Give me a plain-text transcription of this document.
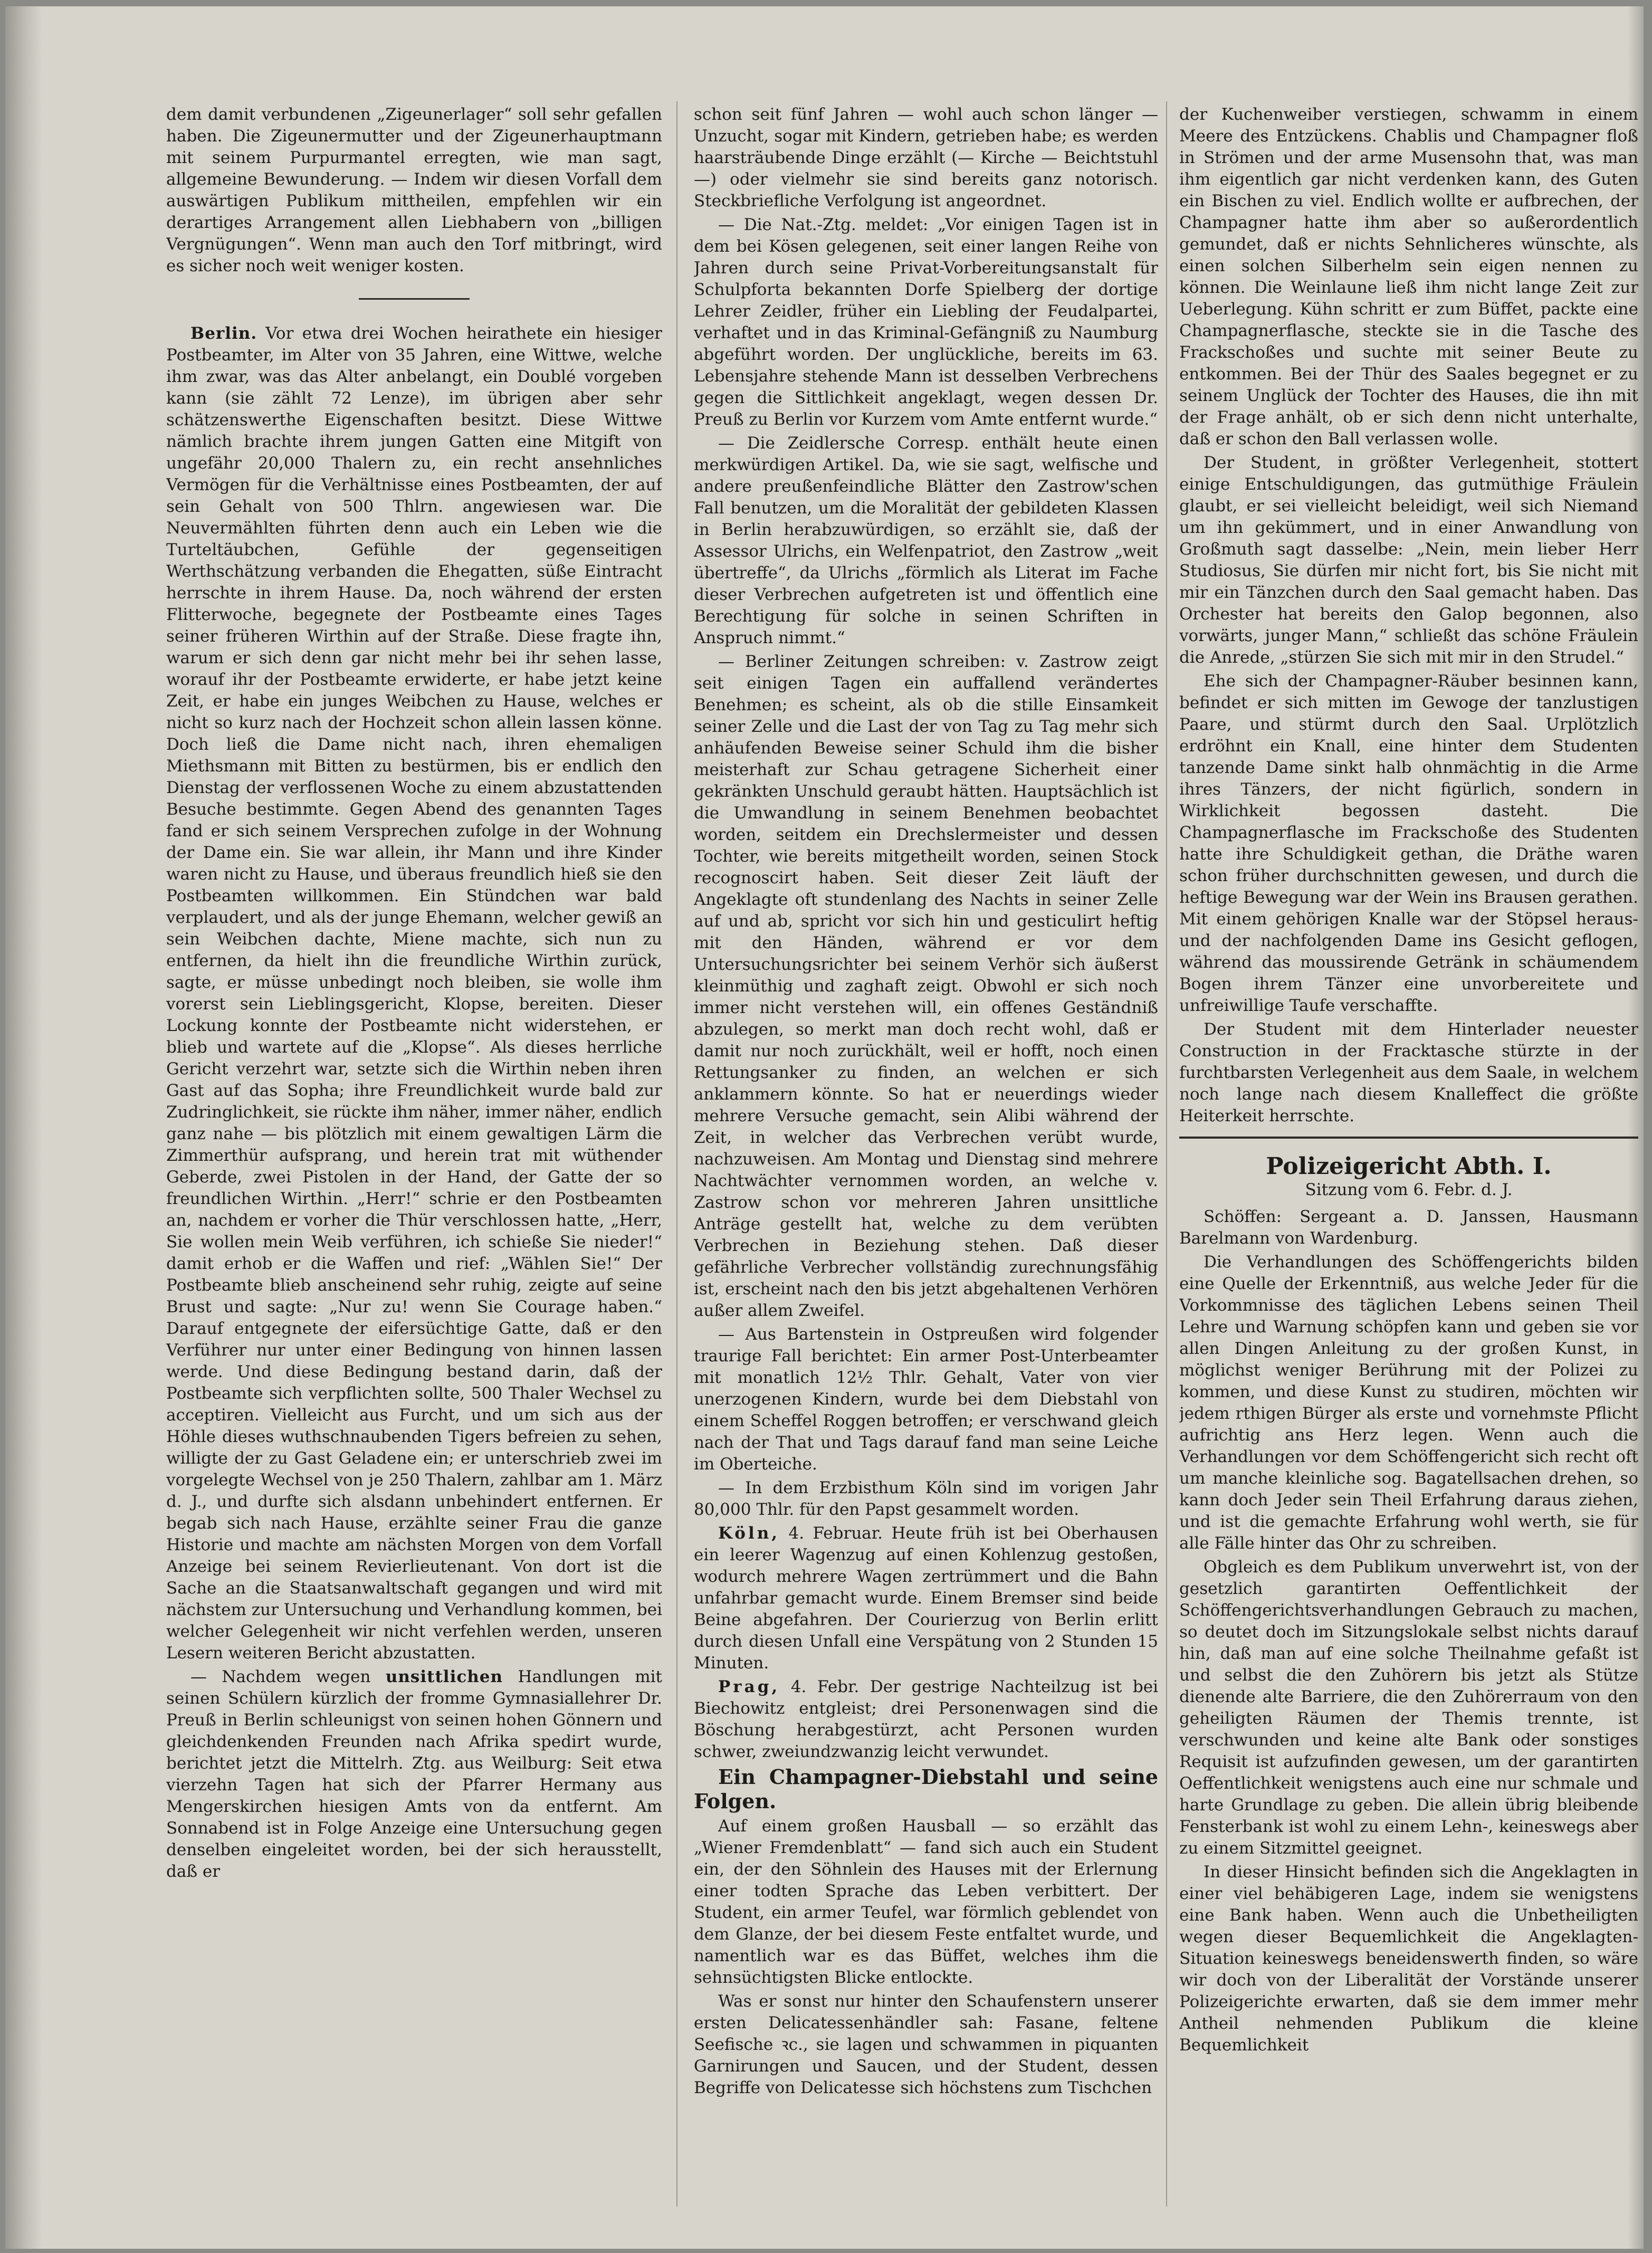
dem damit verbundenen „Zigeunerlager“ soll sehr gefallen haben. Die Zigeunermutter und der Zigeunerhauptmann mit seinem Purpurmantel erregten, wie man sagt, allgemeine Bewunderung. — Indem wir diesen Vorfall dem auswärtigen Publikum mittheilen, empfehlen wir ein derartiges Arrangement allen Liebhabern von „billigen Vergnügungen“. Wenn man auch den Torf mitbringt, wird es sicher noch weit weniger kosten.

Berlin. Vor etwa drei Wochen heirathete ein hiesiger Postbeamter, im Alter von 35 Jahren, eine Wittwe, welche ihm zwar, was das Alter anbelangt, ein Doublé vorgeben kann (sie zählt 72 Lenze), im übrigen aber sehr schätzenswerthe Eigenschaften besitzt. Diese Wittwe nämlich brachte ihrem jungen Gatten eine Mitgift von ungefähr 20,000 Thalern zu, ein recht ansehnliches Vermögen für die Verhältnisse eines Postbeamten, der auf sein Gehalt von 500 Thlrn. angewiesen war. Die Neuvermählten führten denn auch ein Leben wie die Turteltäubchen, Gefühle der gegenseitigen Werthschätzung verbanden die Ehegatten, süße Eintracht herrschte in ihrem Hause. Da, noch während der ersten Flitterwoche, begegnete der Postbeamte eines Tages seiner früheren Wirthin auf der Straße. Diese fragte ihn, warum er sich denn gar nicht mehr bei ihr sehen lasse, worauf ihr der Postbeamte erwiderte, er habe jetzt keine Zeit, er habe ein junges Weibchen zu Hause, welches er nicht so kurz nach der Hochzeit schon allein lassen könne. Doch ließ die Dame nicht nach, ihren ehemaligen Miethsmann mit Bitten zu bestürmen, bis er endlich den Dienstag der verflossenen Woche zu einem abzustattenden Besuche bestimmte. Gegen Abend des genannten Tages fand er sich seinem Versprechen zufolge in der Wohnung der Dame ein. Sie war allein, ihr Mann und ihre Kinder waren nicht zu Hause, und überaus freundlich hieß sie den Postbeamten willkommen. Ein Stündchen war bald verplaudert, und als der junge Ehemann, welcher gewiß an sein Weibchen dachte, Miene machte, sich nun zu entfernen, da hielt ihn die freundliche Wirthin zurück, sagte, er müsse unbedingt noch bleiben, sie wolle ihm vorerst sein Lieblingsgericht, Klopse, bereiten. Dieser Lockung konnte der Postbeamte nicht widerstehen, er blieb und wartete auf die „Klopse“. Als dieses herrliche Gericht verzehrt war, setzte sich die Wirthin neben ihren Gast auf das Sopha; ihre Freundlichkeit wurde bald zur Zudringlichkeit, sie rückte ihm näher, immer näher, endlich ganz nahe — bis plötzlich mit einem gewaltigen Lärm die Zimmerthür aufsprang, und herein trat mit wüthender Geberde, zwei Pistolen in der Hand, der Gatte der so freundlichen Wirthin. „Herr!“ schrie er den Postbeamten an, nachdem er vorher die Thür verschlossen hatte, „Herr, Sie wollen mein Weib verführen, ich schieße Sie nieder!“ damit erhob er die Waffen und rief: „Wählen Sie!“ Der Postbeamte blieb anscheinend sehr ruhig, zeigte auf seine Brust und sagte: „Nur zu! wenn Sie Courage haben.“ Darauf entgegnete der eifersüchtige Gatte, daß er den Verführer nur unter einer Bedingung von hinnen lassen werde. Und diese Bedingung bestand darin, daß der Postbeamte sich verpflichten sollte, 500 Thaler Wechsel zu acceptiren. Vielleicht aus Furcht, und um sich aus der Höhle dieses wuthschnaubenden Tigers befreien zu sehen, willigte der zu Gast Geladene ein; er unterschrieb zwei im vorgelegte Wechsel von je 250 Thalern, zahlbar am 1. März d. J., und durfte sich alsdann unbehindert entfernen. Er begab sich nach Hause, erzählte seiner Frau die ganze Historie und machte am nächsten Morgen von dem Vorfall Anzeige bei seinem Revierlieutenant. Von dort ist die Sache an die Staatsanwaltschaft gegangen und wird mit nächstem zur Untersuchung und Verhandlung kommen, bei welcher Gelegenheit wir nicht verfehlen werden, unseren Lesern weiteren Bericht abzustatten.

— Nachdem wegen unsittlichen Handlungen mit seinen Schülern kürzlich der fromme Gymnasiallehrer Dr. Preuß in Berlin schleunigst von seinen hohen Gönnern und gleichdenkenden Freunden nach Afrika spedirt wurde, berichtet jetzt die Mittelrh. Ztg. aus Weilburg: Seit etwa vierzehn Tagen hat sich der Pfarrer Hermany aus Mengerskirchen hiesigen Amts von da entfernt. Am Sonnabend ist in Folge Anzeige eine Untersuchung gegen denselben eingeleitet worden, bei der sich herausstellt, daß er

schon seit fünf Jahren — wohl auch schon länger — Unzucht, sogar mit Kindern, getrieben habe; es werden haarsträubende Dinge erzählt (— Kirche — Beichtstuhl —) oder vielmehr sie sind bereits ganz notorisch. Steckbriefliche Verfolgung ist angeordnet.

— Die Nat.-Ztg. meldet: „Vor einigen Tagen ist in dem bei Kösen gelegenen, seit einer langen Reihe von Jahren durch seine Privat-Vorbereitungsanstalt für Schulpforta bekannten Dorfe Spielberg der dortige Lehrer Zeidler, früher ein Liebling der Feudalpartei, verhaftet und in das Kriminal-Gefängniß zu Naumburg abgeführt worden. Der unglückliche, bereits im 63. Lebensjahre stehende Mann ist desselben Verbrechens gegen die Sittlichkeit angeklagt, wegen dessen Dr. Preuß zu Berlin vor Kurzem vom Amte entfernt wurde.“

— Die Zeidlersche Corresp. enthält heute einen merkwürdigen Artikel. Da, wie sie sagt, welfische und andere preußenfeindliche Blätter den Zastrow'schen Fall benutzen, um die Moralität der gebildeten Klassen in Berlin herabzuwürdigen, so erzählt sie, daß der Assessor Ulrichs, ein Welfenpatriot, den Zastrow „weit übertreffe“, da Ulrichs „förmlich als Literat im Fache dieser Verbrechen aufgetreten ist und öffentlich eine Berechtigung für solche in seinen Schriften in Anspruch nimmt.“

— Berliner Zeitungen schreiben: v. Zastrow zeigt seit einigen Tagen ein auffallend verändertes Benehmen; es scheint, als ob die stille Einsamkeit seiner Zelle und die Last der von Tag zu Tag mehr sich anhäufenden Beweise seiner Schuld ihm die bisher meisterhaft zur Schau getragene Sicherheit einer gekränkten Unschuld geraubt hätten. Hauptsächlich ist die Umwandlung in seinem Benehmen beobachtet worden, seitdem ein Drechslermeister und dessen Tochter, wie bereits mitgetheilt worden, seinen Stock recognoscirt haben. Seit dieser Zeit läuft der Angeklagte oft stundenlang des Nachts in seiner Zelle auf und ab, spricht vor sich hin und gesticulirt heftig mit den Händen, während er vor dem Untersuchungsrichter bei seinem Verhör sich äußerst kleinmüthig und zaghaft zeigt. Obwohl er sich noch immer nicht verstehen will, ein offenes Geständniß abzulegen, so merkt man doch recht wohl, daß er damit nur noch zurückhält, weil er hofft, noch einen Rettungsanker zu finden, an welchen er sich anklammern könnte. So hat er neuerdings wieder mehrere Versuche gemacht, sein Alibi während der Zeit, in welcher das Verbrechen verübt wurde, nachzuweisen. Am Montag und Dienstag sind mehrere Nachtwächter vernommen worden, an welche v. Zastrow schon vor mehreren Jahren unsittliche Anträge gestellt hat, welche zu dem verübten Verbrechen in Beziehung stehen. Daß dieser gefährliche Verbrecher vollständig zurechnungsfähig ist, erscheint nach den bis jetzt abgehaltenen Verhören außer allem Zweifel.

— Aus Bartenstein in Ostpreußen wird folgender traurige Fall berichtet: Ein armer Post-Unterbeamter mit monatlich 12½ Thlr. Gehalt, Vater von vier unerzogenen Kindern, wurde bei dem Diebstahl von einem Scheffel Roggen betroffen; er verschwand gleich nach der That und Tags darauf fand man seine Leiche im Oberteiche.

— In dem Erzbisthum Köln sind im vorigen Jahr 80,000 Thlr. für den Papst gesammelt worden.

Köln, 4. Februar. Heute früh ist bei Oberhausen ein leerer Wagenzug auf einen Kohlenzug gestoßen, wodurch mehrere Wagen zertrümmert und die Bahn unfahrbar gemacht wurde. Einem Bremser sind beide Beine abgefahren. Der Courierzug von Berlin erlitt durch diesen Unfall eine Verspätung von 2 Stunden 15 Minuten.

Prag, 4. Febr. Der gestrige Nachteilzug ist bei Biechowitz entgleist; drei Personenwagen sind die Böschung herabgestürzt, acht Personen wurden schwer, zweiundzwanzig leicht verwundet.

Ein Champagner-Diebstahl und seine Folgen.

Auf einem großen Hausball — so erzählt das „Wiener Fremdenblatt“ — fand sich auch ein Student ein, der den Söhnlein des Hauses mit der Erlernung einer todten Sprache das Leben verbittert. Der Student, ein armer Teufel, war förmlich geblendet von dem Glanze, der bei diesem Feste entfaltet wurde, und namentlich war es das Büffet, welches ihm die sehnsüchtigsten Blicke entlockte.

Was er sonst nur hinter den Schaufenstern unserer ersten Delicatessenhändler sah: Fasane, feltene Seefische ꝛc., sie lagen und schwammen in piquanten Garnirungen und Saucen, und der Student, dessen Begriffe von Delicatesse sich höchstens zum Tischchen

der Kuchenweiber verstiegen, schwamm in einem Meere des Entzückens. Chablis und Champagner floß in Strömen und der arme Musensohn that, was man ihm eigentlich gar nicht verdenken kann, des Guten ein Bischen zu viel. Endlich wollte er aufbrechen, der Champagner hatte ihm aber so außerordentlich gemundet, daß er nichts Sehnlicheres wünschte, als einen solchen Silberhelm sein eigen nennen zu können. Die Weinlaune ließ ihm nicht lange Zeit zur Ueberlegung. Kühn schritt er zum Büffet, packte eine Champagnerflasche, steckte sie in die Tasche des Frackschoßes und suchte mit seiner Beute zu entkommen. Bei der Thür des Saales begegnet er zu seinem Unglück der Tochter des Hauses, die ihn mit der Frage anhält, ob er sich denn nicht unterhalte, daß er schon den Ball verlassen wolle.

Der Student, in größter Verlegenheit, stottert einige Entschuldigungen, das gutmüthige Fräulein glaubt, er sei vielleicht beleidigt, weil sich Niemand um ihn gekümmert, und in einer Anwandlung von Großmuth sagt dasselbe: „Nein, mein lieber Herr Studiosus, Sie dürfen mir nicht fort, bis Sie nicht mit mir ein Tänzchen durch den Saal gemacht haben. Das Orchester hat bereits den Galop begonnen, also vorwärts, junger Mann,“ schließt das schöne Fräulein die Anrede, „stürzen Sie sich mit mir in den Strudel.“

Ehe sich der Champagner-Räuber besinnen kann, befindet er sich mitten im Gewoge der tanzlustigen Paare, und stürmt durch den Saal. Urplötzlich erdröhnt ein Knall, eine hinter dem Studenten tanzende Dame sinkt halb ohnmächtig in die Arme ihres Tänzers, der nicht figürlich, sondern in Wirklichkeit begossen dasteht. Die Champagnerflasche im Frackschoße des Studenten hatte ihre Schuldigkeit gethan, die Dräthe waren schon früher durchschnitten gewesen, und durch die heftige Bewegung war der Wein ins Brausen gerathen. Mit einem gehörigen Knalle war der Stöpsel heraus- und der nachfolgenden Dame ins Gesicht geflogen, während das moussirende Getränk in schäumendem Bogen ihrem Tänzer eine unvorbereitete und unfreiwillige Taufe verschaffte.

Der Student mit dem Hinterlader neuester Construction in der Fracktasche stürzte in der furchtbarsten Verlegenheit aus dem Saale, in welchem noch lange nach diesem Knalleffect die größte Heiterkeit herrschte.

Polizeigericht Abth. I.
Sitzung vom 6. Febr. d. J.

Schöffen: Sergeant a. D. Janssen, Hausmann Barelmann von Wardenburg.

Die Verhandlungen des Schöffengerichts bilden eine Quelle der Erkenntniß, aus welche Jeder für die Vorkommnisse des täglichen Lebens seinen Theil Lehre und Warnung schöpfen kann und geben sie vor allen Dingen Anleitung zu der großen Kunst, in möglichst weniger Berührung mit der Polizei zu kommen, und diese Kunst zu studiren, möchten wir jedem rthigen Bürger als erste und vornehmste Pflicht aufrichtig ans Herz legen. Wenn auch die Verhandlungen vor dem Schöffengericht sich recht oft um manche kleinliche sog. Bagatellsachen drehen, so kann doch Jeder sein Theil Erfahrung daraus ziehen, und ist die gemachte Erfahrung wohl werth, sie für alle Fälle hinter das Ohr zu schreiben.

Obgleich es dem Publikum unverwehrt ist, von der gesetzlich garantirten Oeffentlichkeit der Schöffengerichtsverhandlungen Gebrauch zu machen, so deutet doch im Sitzungslokale selbst nichts darauf hin, daß man auf eine solche Theilnahme gefaßt ist und selbst die den Zuhörern bis jetzt als Stütze dienende alte Barriere, die den Zuhörerraum von den geheiligten Räumen der Themis trennte, ist verschwunden und keine alte Bank oder sonstiges Requisit ist aufzufinden gewesen, um der garantirten Oeffentlichkeit wenigstens auch eine nur schmale und harte Grundlage zu geben. Die allein übrig bleibende Fensterbank ist wohl zu einem Lehn-, keineswegs aber zu einem Sitzmittel geeignet.

In dieser Hinsicht befinden sich die Angeklagten in einer viel behäbigeren Lage, indem sie wenigstens eine Bank haben. Wenn auch die Unbetheiligten wegen dieser Bequemlichkeit die Angeklagten-Situation keineswegs beneidenswerth finden, so wäre wir doch von der Liberalität der Vorstände unserer Polizeigerichte erwarten, daß sie dem immer mehr Antheil nehmenden Publikum die kleine Bequemlichkeit
